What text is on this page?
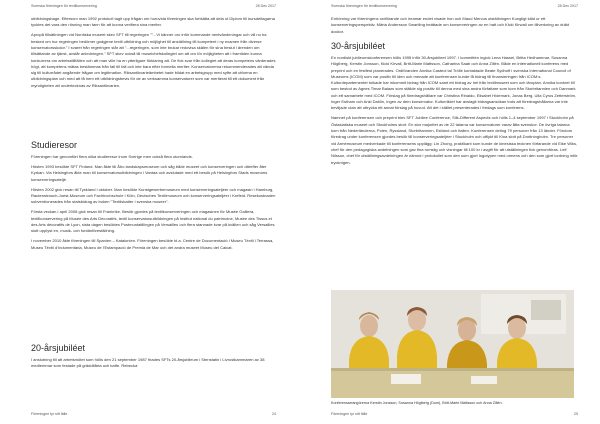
Svenska föreningen för textilkonservering	28 Dec 2017

utbildningsbage. Eftersom man 1992 protokoll tagit upp frågan om huruvida föreningen ska fortsätta att dela ut Diplom till kursdeltagarna tycktes det vara den rösning man fann för att kunna verifiera sina meriter.

Apropå tillsättningen vid Nordiska museet skev SFT till regeringen ""...Vi känner oro inför kommande nentvändeningar och vill nu ha besked om hur regeringen bedömer godgjene textil utbildning och möjlighet till anställning till kompetent i ny examen från diverse konservatorsskolor." I svaret från regeringen står att "...regeringen, som inte brukar redovisa skälen för sina beslut i ärenden om tillsättande av tjänst, avstår anledningen." SFT skev också till museichefskollegiet om att oro för möjligheten att i framtiden kunna konkurrera om arbetsstillfällen och att man ville ha en ytterligare förklaring att. De fick svar från kollegiet att deras kompetens värderades högt, att kompetens mätas bestämmas från fall till fall och inte bara efter formella meriter. Konservatorerna rekommenderades att vända sig till kulturrådet angående frågan om legitimation. Riksantikvarieämbetet hade bildat en arbetsgrupp med syfte att utforma en utbildningsplan och med att få hem ett utbildningsbevis för de av verksamma konservatorer som var meriterat till ett dokument från myndigheten att undertecknas av Riksantikvarien.

Studieresor

Föreningen har genomfört flera olika studieresor inom Sverige men också flera utomlands.

Hösten 1993 besökte SFT Finland. Man åkte till Åbo landskapsmuseum och såg både museet och konserveringen och därefter åter Kyrkan. Via Helsingfors åkte man till konservatorsutbildningen i Vantaa och avslutade med ett besök på Helsingfors Stads museums konserveringsateljé.

Hösten 2002 gick resan till Tyskland i oktober. Man besökte Kunstgewerbemuseum med konserveringsateljéer och magasin i Hamburg, Rautenstrauch-Joest-Museum och Fachhochschule i Köln, Deutsches Textilmuseum och konserveringsateljéer i Krefeld. Resekostnaden subventionerades från statsbidrag av boken "Textilskatter i svenska museer".

Första veckan i april 2008 gick resan till Frankrike. Besök gjordes på textilkonserveringen och magasinen för Musée Galliera, textilkonservering på Musée des Arts Décoratifs, textil konservatorsutbildningen på Institut national du patrimoine, Musée des Tissus et des Arts décoratifs de Lyon, sista dagen besöktes Postmuntatillingen på Versailles och flera stannade kvar på kvällen och såg Versailles slott upplyst en, musik- och fontänföreställning.

I november 2010 åkte föreningen till Spanien – Katalonien. Föreningen besökte bl.a. Centre de Documentació i Museu Tèxtil i Terrassa, Museu Tèxtil d'Indumentària, Museu de l'Estampació de Premià de Mar och det andra museet Museu del Calcat.

20-årsjubiléet

I anslutning till att arbetsmötet som hölls den 21 september 1987 firades SFTs 20-årsjubileum i Stenstatin i Livrustkammaren av 38 medlemmar som festade på grädditårta och kaffe. Rebecka

Föreningen tyr sitt fälle	24
Svenska föreningen för textilkonservering	28 Dec 2017

Enhörning var föreningens ordförande och inramar endet visade hon och Maud Mercus utställningen Kungligt käld ur ett konserveringsperspektiv. Märta Andersson Swartling beättade om konserveringen av en hatt och Kicki Kirwall om tillverkning av dräkt dockor.

30-årsjubiléet

En nordiskt jubileumskonferensen hölls 1995 inför 30-årsjubileet 1997. I kommittén ingick Lena Hassel, Britta Hedhammar, Susanna Höglberg, Kerstin Jonsson, Kicki Kirvall, Britt-Marie Mattsson, Catharina Saab och Anna Zillén. Både en internationell konferens med preprint och en festfest planerades. Ordföranden Annika Casteoi tal Trölle kontaktade Beate Sydhoff i svenska International Council of Museums (ICOM) som var positiv till iden och menade att konferensen kunde få bidrag till finansieringen från ICOM:s. Kulturdepartementet tolkade har inkommit bidrag från ICOM samt ett bidrag av hel från textilmuseet som och läroplan. Annika konkret till som bestod av Agnes Timar Balazs som ställde sig positiv till denna med sina andra författare som kom från Storbritannien och Danmark och ett samarbete med ICOM. Förslag på föredragshållare var Christina Rinaldo, Elisabet Hidemark, Jonas Berg, Ulla Cyrus Zetterström, Inger Estham och Anki Dahlin, ingen av dem konservator. Kulturrådet har avslagit bidragsansökan trots att föredragshållarna var inte beviljade utan att uttrycka ett annat förslag på huvud. Att det i stället presenterades i fredags som konferens.

Namnet på konferensen och preprint blev SFT Jubilee Conference, Silk-Different Aspects och hölls 1–4 september 1997 i Stockholm på Östasiatiska museet och Stockholms stort. En stor majoritet av de 22 talarna var konservatorer varav åtta svenskor. De övriga talarna kom från Nederländerna, Polen, Ryssland, Storbritannien, Estland och Italien. Konferensen deltog 79 personer från 13 länder. Förutom föredrag under konferensen gjordes besök till konserveringsateljéer i Stockholm och utflykt till Kina slott på Drottningholm. Tre personer vid Armémuseum medverkade till konferensens upplägg: Lin Zhong, praktikant som kunde de kinesiska tecknen förfarande vid Eike Wiks, chef för den pedagogiska avdelningen som gav fina rumslig och visningar till 100 kr i avgift för att utställningen fick genomföras. Leif Nilsson, chef för utställningsavdelningen är nämnd i protokollet som den som gjort logotypen med ormens och den som gjort iordning inför trycknigen.

Konferensarrangörerna Kerstin Jonsson, Susanna Höglberg (Dom), Britt-Marie Mattsson och Anna Zillén.
Föreningen tyr sitt fälle	25
